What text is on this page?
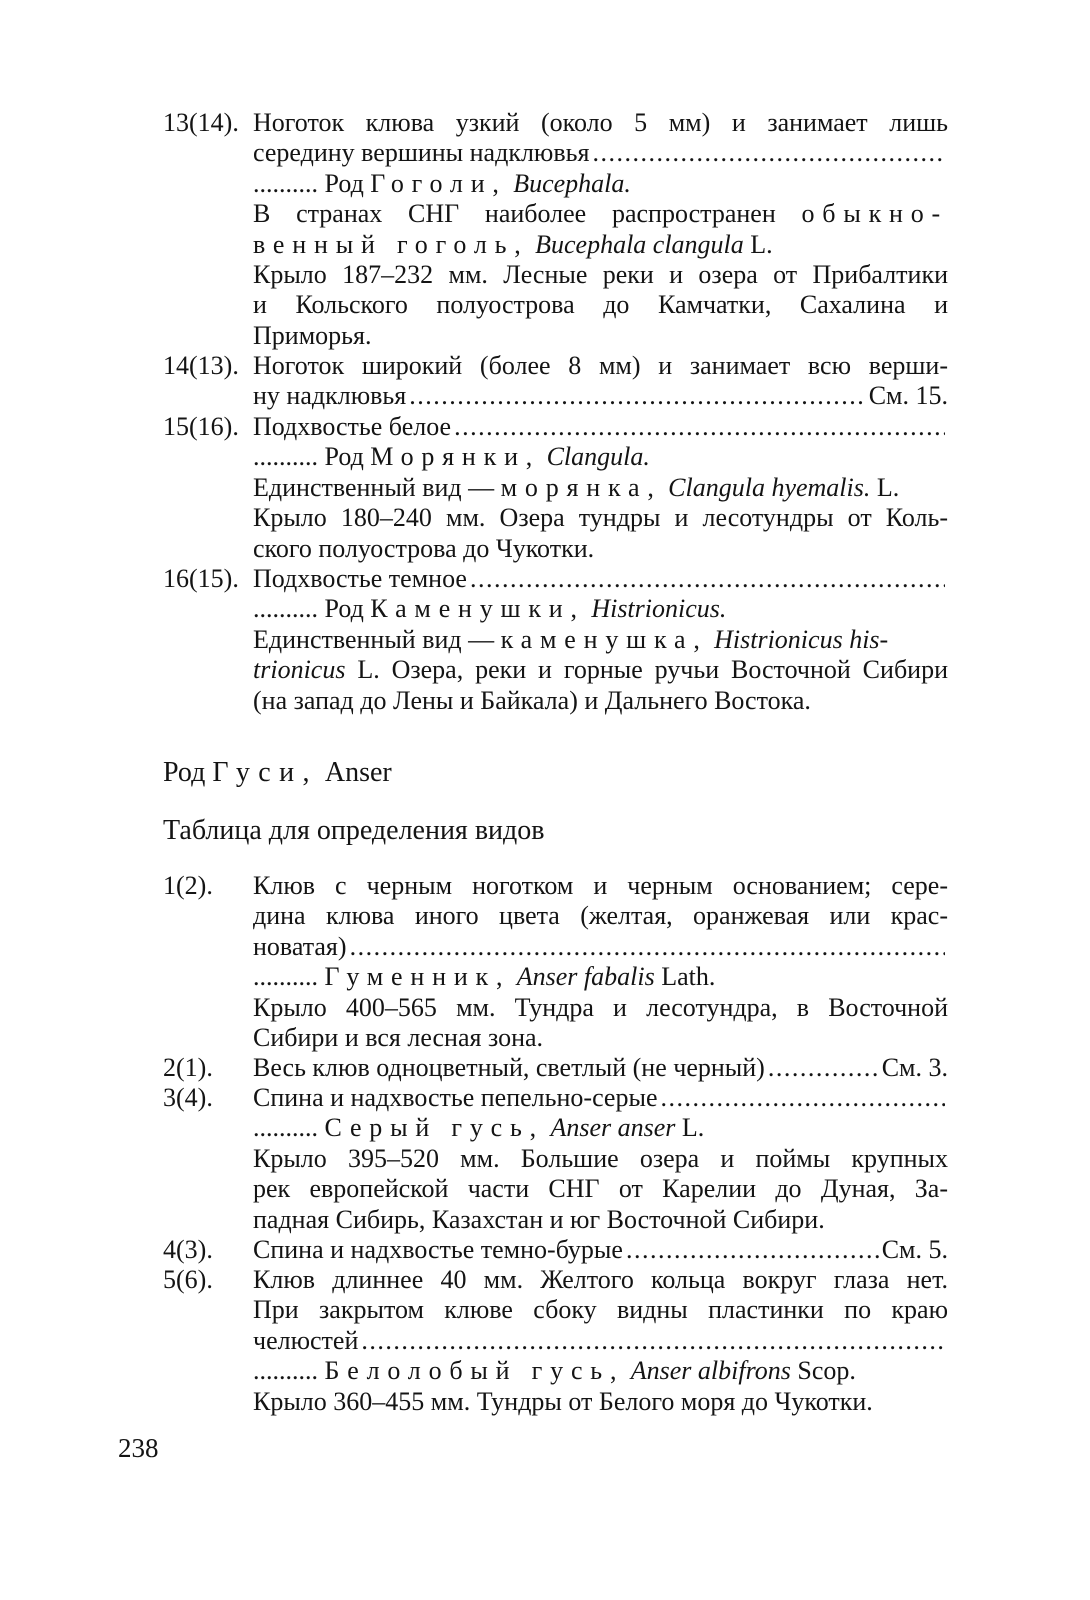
13(14). Ноготок клюва узкий (около 5 мм) и занимает лишь
середину вершины надклювья
. . .
.......... Род Гоголи, Bucephala.
В странах СНГ наиболее распространен обыкно-
венный гоголь, Bucephala clangula L.
Крыло 187–232 мм. Лесные реки и озера от Прибалтики
и Кольского полуострова до Камчатки, Сахалина и
Приморья.
14(13). Ноготок широкий (более 8 мм) и занимает всю верши-
ну надклювья . . .	См. 15.
15(16). Подхвостье белое
. . .
.......... Род Морянки, Clangula.
Единственный вид — морянка, Clangula hyemalis. L.
Крыло 180–240 мм. Озера тундры и лесотундры от Коль-
ского полуострова до Чукотки.
16(15). Подхвостье темное
. . .
.......... Род Каменушки, Histrionicus.
Единственный вид — каменушка, Histrionicus his-
trionicus L. Озера, реки и горные ручьи Восточной Сибири
(на запад до Лены и Байкала) и Дальнего Востока.
Род Гуси, Anser
Таблица для определения видов
1(2). Клюв с черным ноготком и черным основанием; сере-
дина клюва иного цвета (желтая, оранжевая или крас-
новатая)
. . .
.......... Гуменник, Anser fabalis Lath.
Крыло 400–565 мм. Тундра и лесотундра, в Восточной
Сибири и вся лесная зона.
2(1). Весь клюв одноцветный, светлый (не черный) . . .	См. 3.
3(4). Спина и надхвостье пепельно-серые
. . .
.......... Серый гусь, Anser anser L.
Крыло 395–520 мм. Большие озера и поймы крупных
рек европейской части СНГ от Карелии до Дуная, За-
падная Сибирь, Казахстан и юг Восточной Сибири.
4(3). Спина и надхвостье темно-бурые . . .	См. 5.
5(6). Клюв длиннее 40 мм. Желтого кольца вокруг глаза нет.
При закрытом клюве сбоку видны пластинки по краю
челюстей
. . .
.......... Белолобый гусь, Anser albifrons Scop.
Крыло 360–455 мм. Тундры от Белого моря до Чукотки.
238
